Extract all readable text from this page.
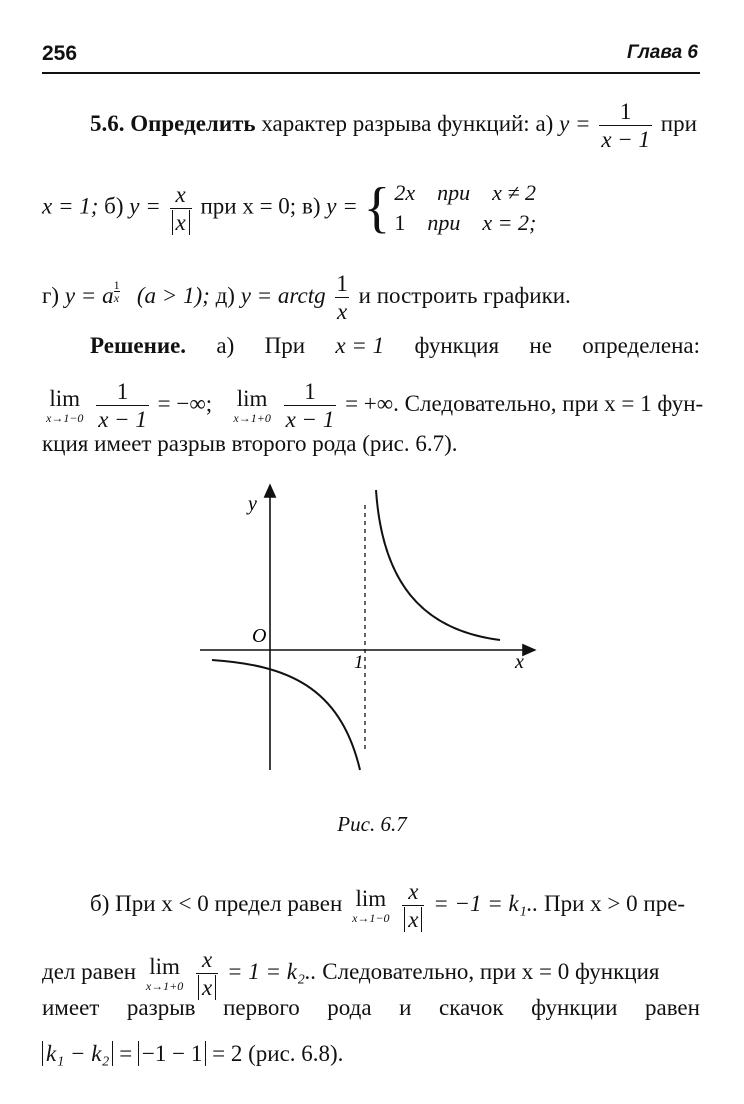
256	Глава 6
5.6. Определить характер разрыва функций: а) $y = \frac{1}{x - 1}$ при
x = 1; б) $y = \frac{x}{x}$ при x = 0; в) y = { 2x при x ≠ 2
1 при x = 2;
г) y = a $^{\frac{1}{x}}$ (a > 1); д) y = arctg $\frac{1}{x}$ и построить графики.
Решение. а) При x = 1 функция не определена:
lim
x→1−0
$\frac{1}{x - 1}$ = −∞; lim
x→1+0
$\frac{1}{x - 1}$ = +∞. Следовательно, при x = 1 фун-
кция имеет разрыв второго рода (рис. 6.7).
y
x
O
1
Рис. 6.7
б) При x < 0 предел равен lim
x→1−0
$\frac{x}{x} = -1 = k_1$.. При x > 0 пре-
дел равен lim
x→1+0
$\frac{x}{x} = 1 = k_2$.. Следовательно, при x = 0 функция
имеет разрыв первого рода и скачок функции равен
k₁ − k₂ = −1 − 1 = 2 (рис. 6.8).
